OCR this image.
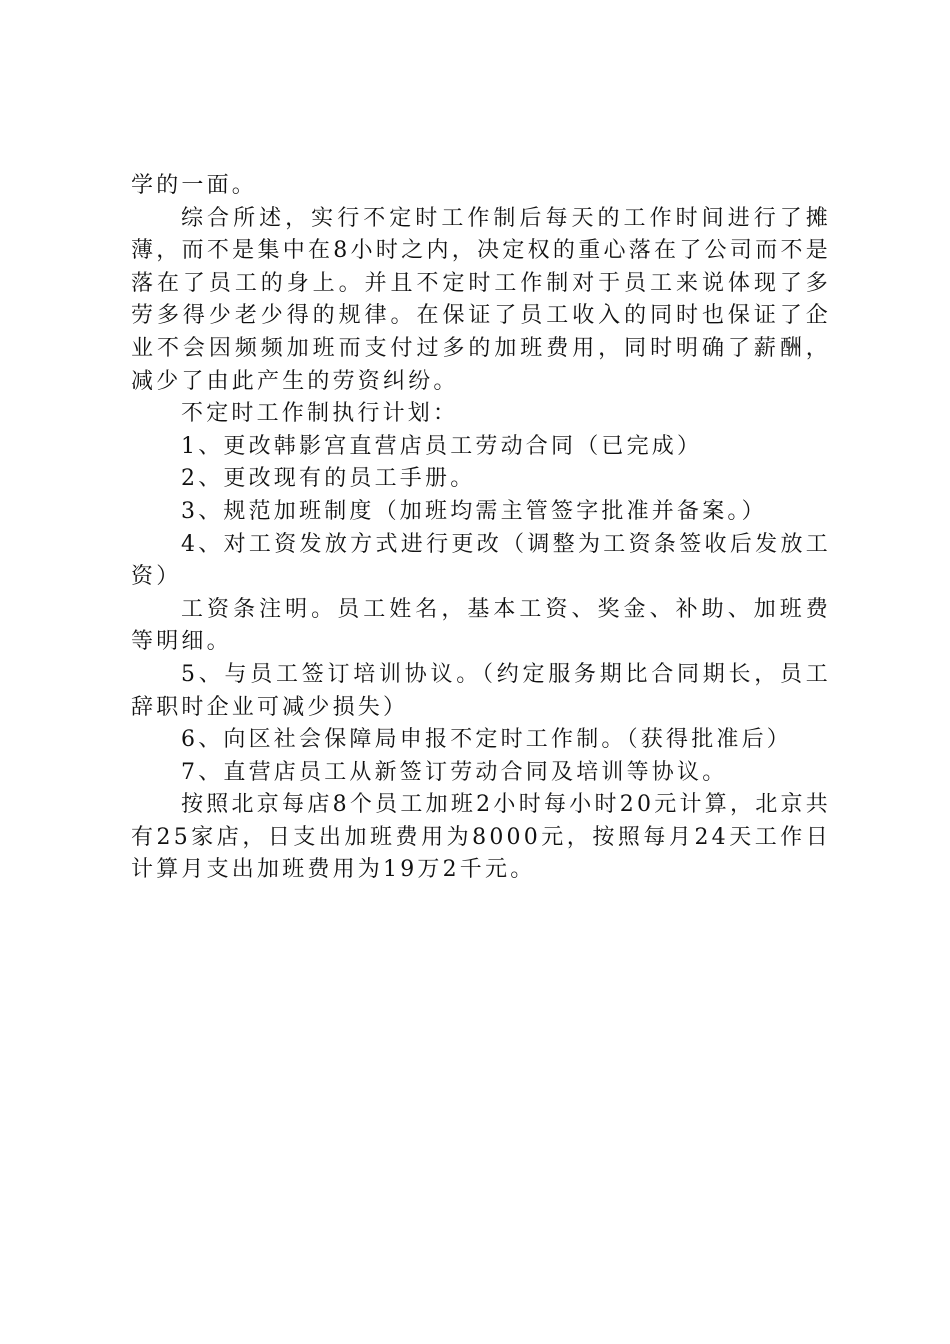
学的一面。

综合所述，实行不定时工作制后每天的工作时间进行了摊薄，而不是集中在8小时之内，决定权的重心落在了公司而不是落在了员工的身上。并且不定时工作制对于员工来说体现了多劳多得少老少得的规律。在保证了员工收入的同时也保证了企业不会因频频加班而支付过多的加班费用，同时明确了薪酬，减少了由此产生的劳资纠纷。

不定时工作制执行计划：

1、更改韩影宫直营店员工劳动合同（已完成）

2、更改现有的员工手册。

3、规范加班制度（加班均需主管签字批准并备案。）

4、对工资发放方式进行更改（调整为工资条签收后发放工资）

工资条注明。员工姓名，基本工资、奖金、补助、加班费等明细。

5、与员工签订培训协议。（约定服务期比合同期长，员工辞职时企业可减少损失）

6、向区社会保障局申报不定时工作制。（获得批准后）

7、直营店员工从新签订劳动合同及培训等协议。

按照北京每店8个员工加班2小时每小时20元计算，北京共有25家店，日支出加班费用为8000元，按照每月24天工作日计算月支出加班费用为19万2千元。
